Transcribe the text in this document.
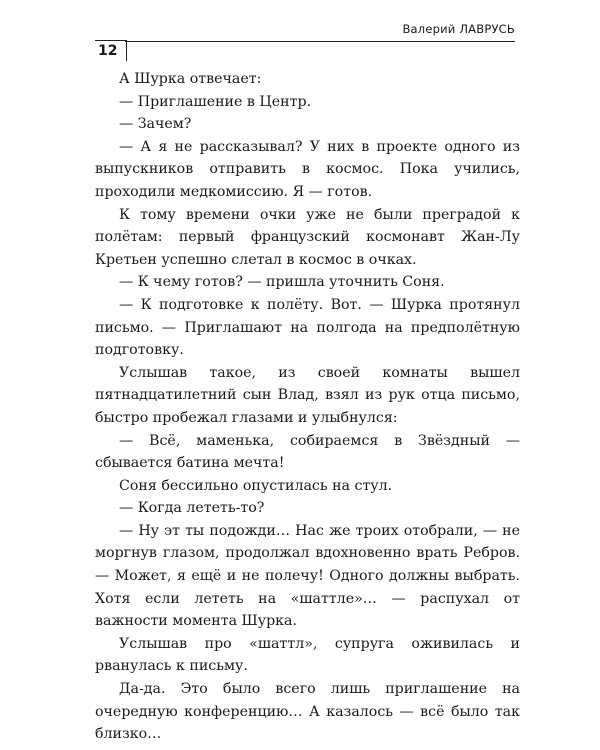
12
Валерий ЛАВРУСЬ

А Шурка отвечает:

— Приглашение в Центр.

— Зачем?

— А я не рассказывал? У них в проекте одного из выпускников отправить в космос. Пока учились, проходили медкомиссию. Я — готов.

К тому времени очки уже не были преградой к полётам: первый французский космонавт Жан-Лу Кретьен успешно слетал в космос в очках.

— К чему готов? — пришла уточнить Соня.

— К подготовке к полёту. Вот. — Шурка протянул письмо. — Приглашают на полгода на предполётную подготовку.

Услышав такое, из своей комнаты вышел пятнадцатилетний сын Влад, взял из рук отца письмо, быстро пробежал глазами и улыбнулся:

— Всё, маменька, собираемся в Звёздный — сбывается батина мечта!

Соня бессильно опустилась на стул.

— Когда лететь-то?

— Ну эт ты подожди… Нас же троих отобрали, — не моргнув глазом, продолжал вдохновенно врать Ребров. — Может, я ещё и не полечу! Одного должны выбрать. Хотя если лететь на «шаттле»… — распухал от важности момента Шурка.

Услышав про «шаттл», супруга оживилась и рванулась к письму.

Да-да. Это было всего лишь приглашение на очередную конференцию… А казалось — всё было так близко…
